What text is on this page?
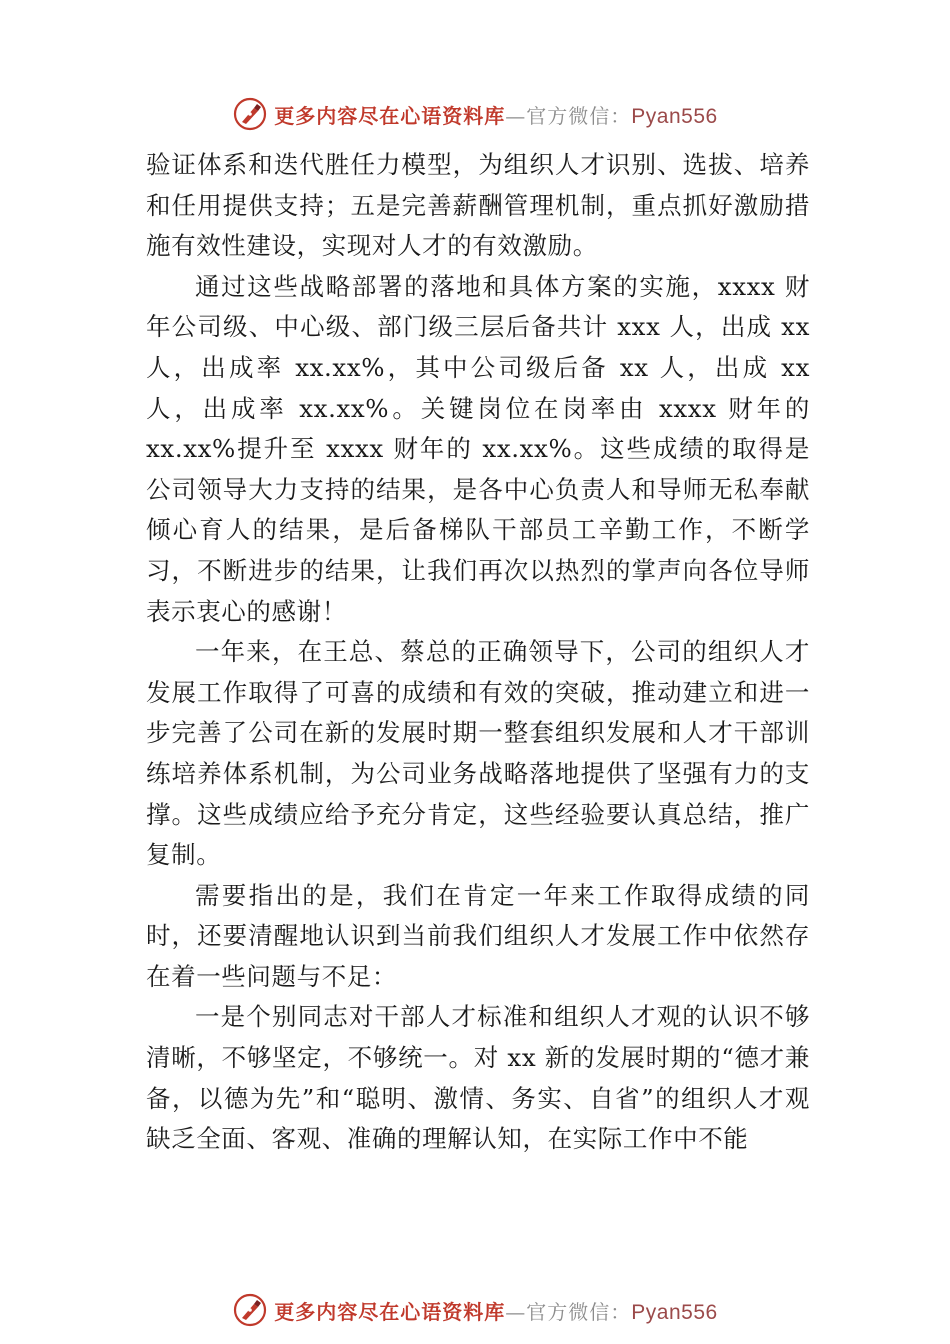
更多内容尽在心语资料库—官方微信：Pyan556

验证体系和迭代胜任力模型，为组织人才识别、选拔、培养和任用提供支持；五是完善薪酬管理机制，重点抓好激励措施有效性建设，实现对人才的有效激励。

通过这些战略部署的落地和具体方案的实施，xxxx 财年公司级、中心级、部门级三层后备共计 xxx 人，出成 xx 人，出成率 xx.xx%，其中公司级后备 xx 人，出成 xx 人，出成率 xx.xx%。关键岗位在岗率由 xxxx 财年的 xx.xx%提升至 xxxx 财年的 xx.xx%。这些成绩的取得是公司领导大力支持的结果，是各中心负责人和导师无私奉献倾心育人的结果，是后备梯队干部员工辛勤工作，不断学习，不断进步的结果，让我们再次以热烈的掌声向各位导师表示衷心的感谢！

一年来，在王总、蔡总的正确领导下，公司的组织人才发展工作取得了可喜的成绩和有效的突破，推动建立和进一步完善了公司在新的发展时期一整套组织发展和人才干部训练培养体系机制，为公司业务战略落地提供了坚强有力的支撑。这些成绩应给予充分肯定，这些经验要认真总结，推广复制。

需要指出的是，我们在肯定一年来工作取得成绩的同时，还要清醒地认识到当前我们组织人才发展工作中依然存在着一些问题与不足：

一是个别同志对干部人才标准和组织人才观的认识不够清晰，不够坚定，不够统一。对 xx 新的发展时期的“德才兼备，以德为先”和“聪明、激情、务实、自省”的组织人才观缺乏全面、客观、准确的理解认知，在实际工作中不能

更多内容尽在心语资料库—官方微信：Pyan556
